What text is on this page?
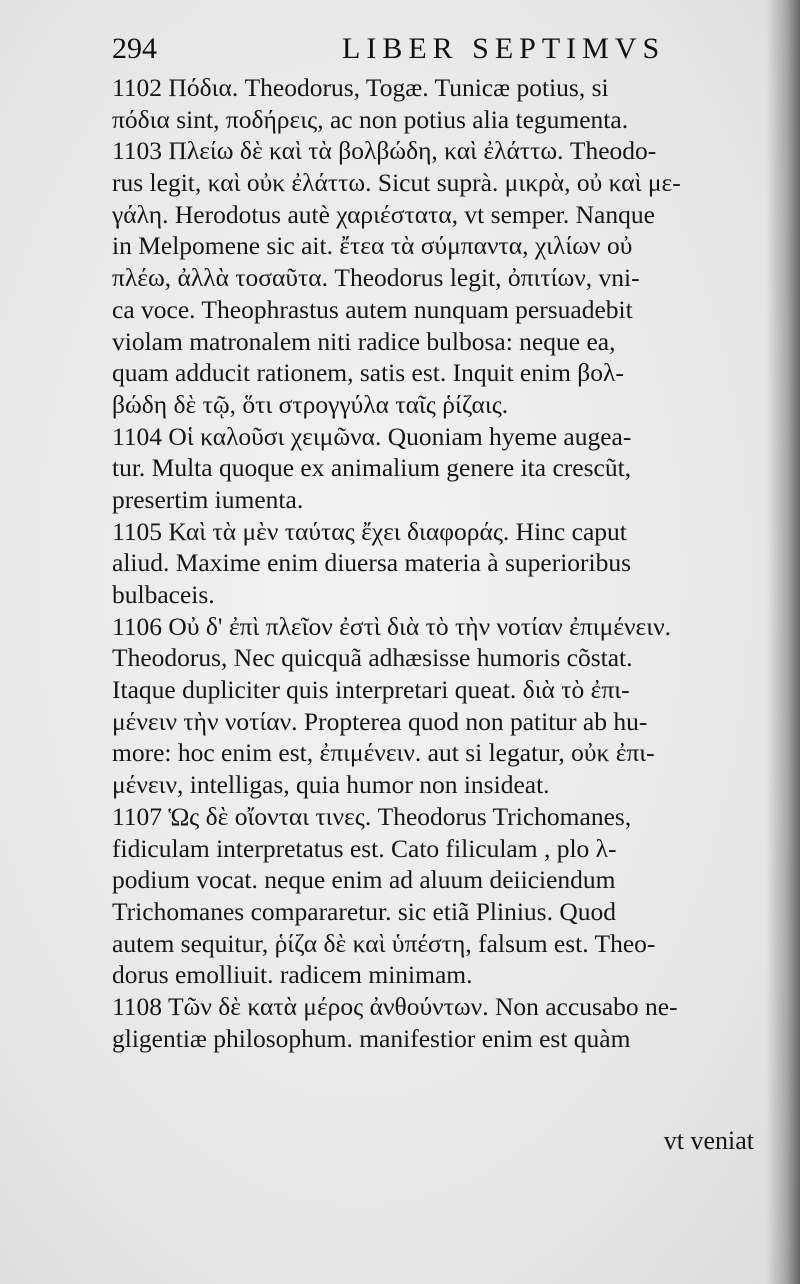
294	LIBER SEPTIMVS
1102 Πόδια. Theodorus, Togæ. Tunicæ potius, si
πόδια sint, ποδήρεις, ac non potius alia tegumenta.
1103 Πλείω δὲ καὶ τὰ βολβώδη, καὶ ἐλάττω. Theodo-
rus legit, καὶ οὐκ ἐλάττω. Sicut suprà. μικρὰ, οὐ καὶ με-
γάλη. Herodotus autè χαριέστατα, vt semper. Nanque
in Melpomene sic ait. ἔτεα τὰ σύμπαντα, χιλίων οὐ
πλέω, ἀλλὰ τοσαῦτα. Theodorus legit, ὀπιτίων, vni-
ca voce. Theophrastus autem nunquam persuadebit
violam matronalem niti radice bulbosa: neque ea,
quam adducit rationem, satis est. Inquit enim βολ-
βώδη δὲ τῷ, ὅτι στρογγύλα ταῖς ῥίζαις.
1104 Οἱ καλοῦσι χειμῶνα. Quoniam hyeme augea-
tur. Multa quoque ex animalium genere ita crescũt,
presertim iumenta.
1105 Καὶ τὰ μὲν ταύτας ἔχει διαφοράς. Hinc caput
aliud. Maxime enim diuersa materia à superioribus
bulbaceis.
1106 Οὐ δ' ἐπὶ πλεῖον ἐστὶ διὰ τὸ τὴν νοτίαν ἐπιμένειν.
Theodorus, Nec quicquã adhæsisse humoris cõstat.
Itaque dupliciter quis interpretari queat. διὰ τὸ ἐπι-
μένειν τὴν νοτίαν. Propterea quod non patitur ab hu-
more: hoc enim est, ἐπιμένειν. aut si legatur, οὐκ ἐπι-
μένειν, intelligas, quia humor non insideat.
1107 Ὡς δὲ οἴονται τινες. Theodorus Trichomanes,
fidiculam interpretatus est. Cato filiculam , plo λ-
podium vocat. neque enim ad aluum deiiciendum
Trichomanes compararetur. sic etiã Plinius. Quod
autem sequitur, ῥίζα δὲ καὶ ὑπέστη, falsum est. Theo-
dorus emolliuit. radicem minimam.
1108 Τῶν δὲ κατὰ μέρος ἀνθούντων. Non accusabo ne-
gligentiæ philosophum. manifestior enim est quàm
vt veniat
